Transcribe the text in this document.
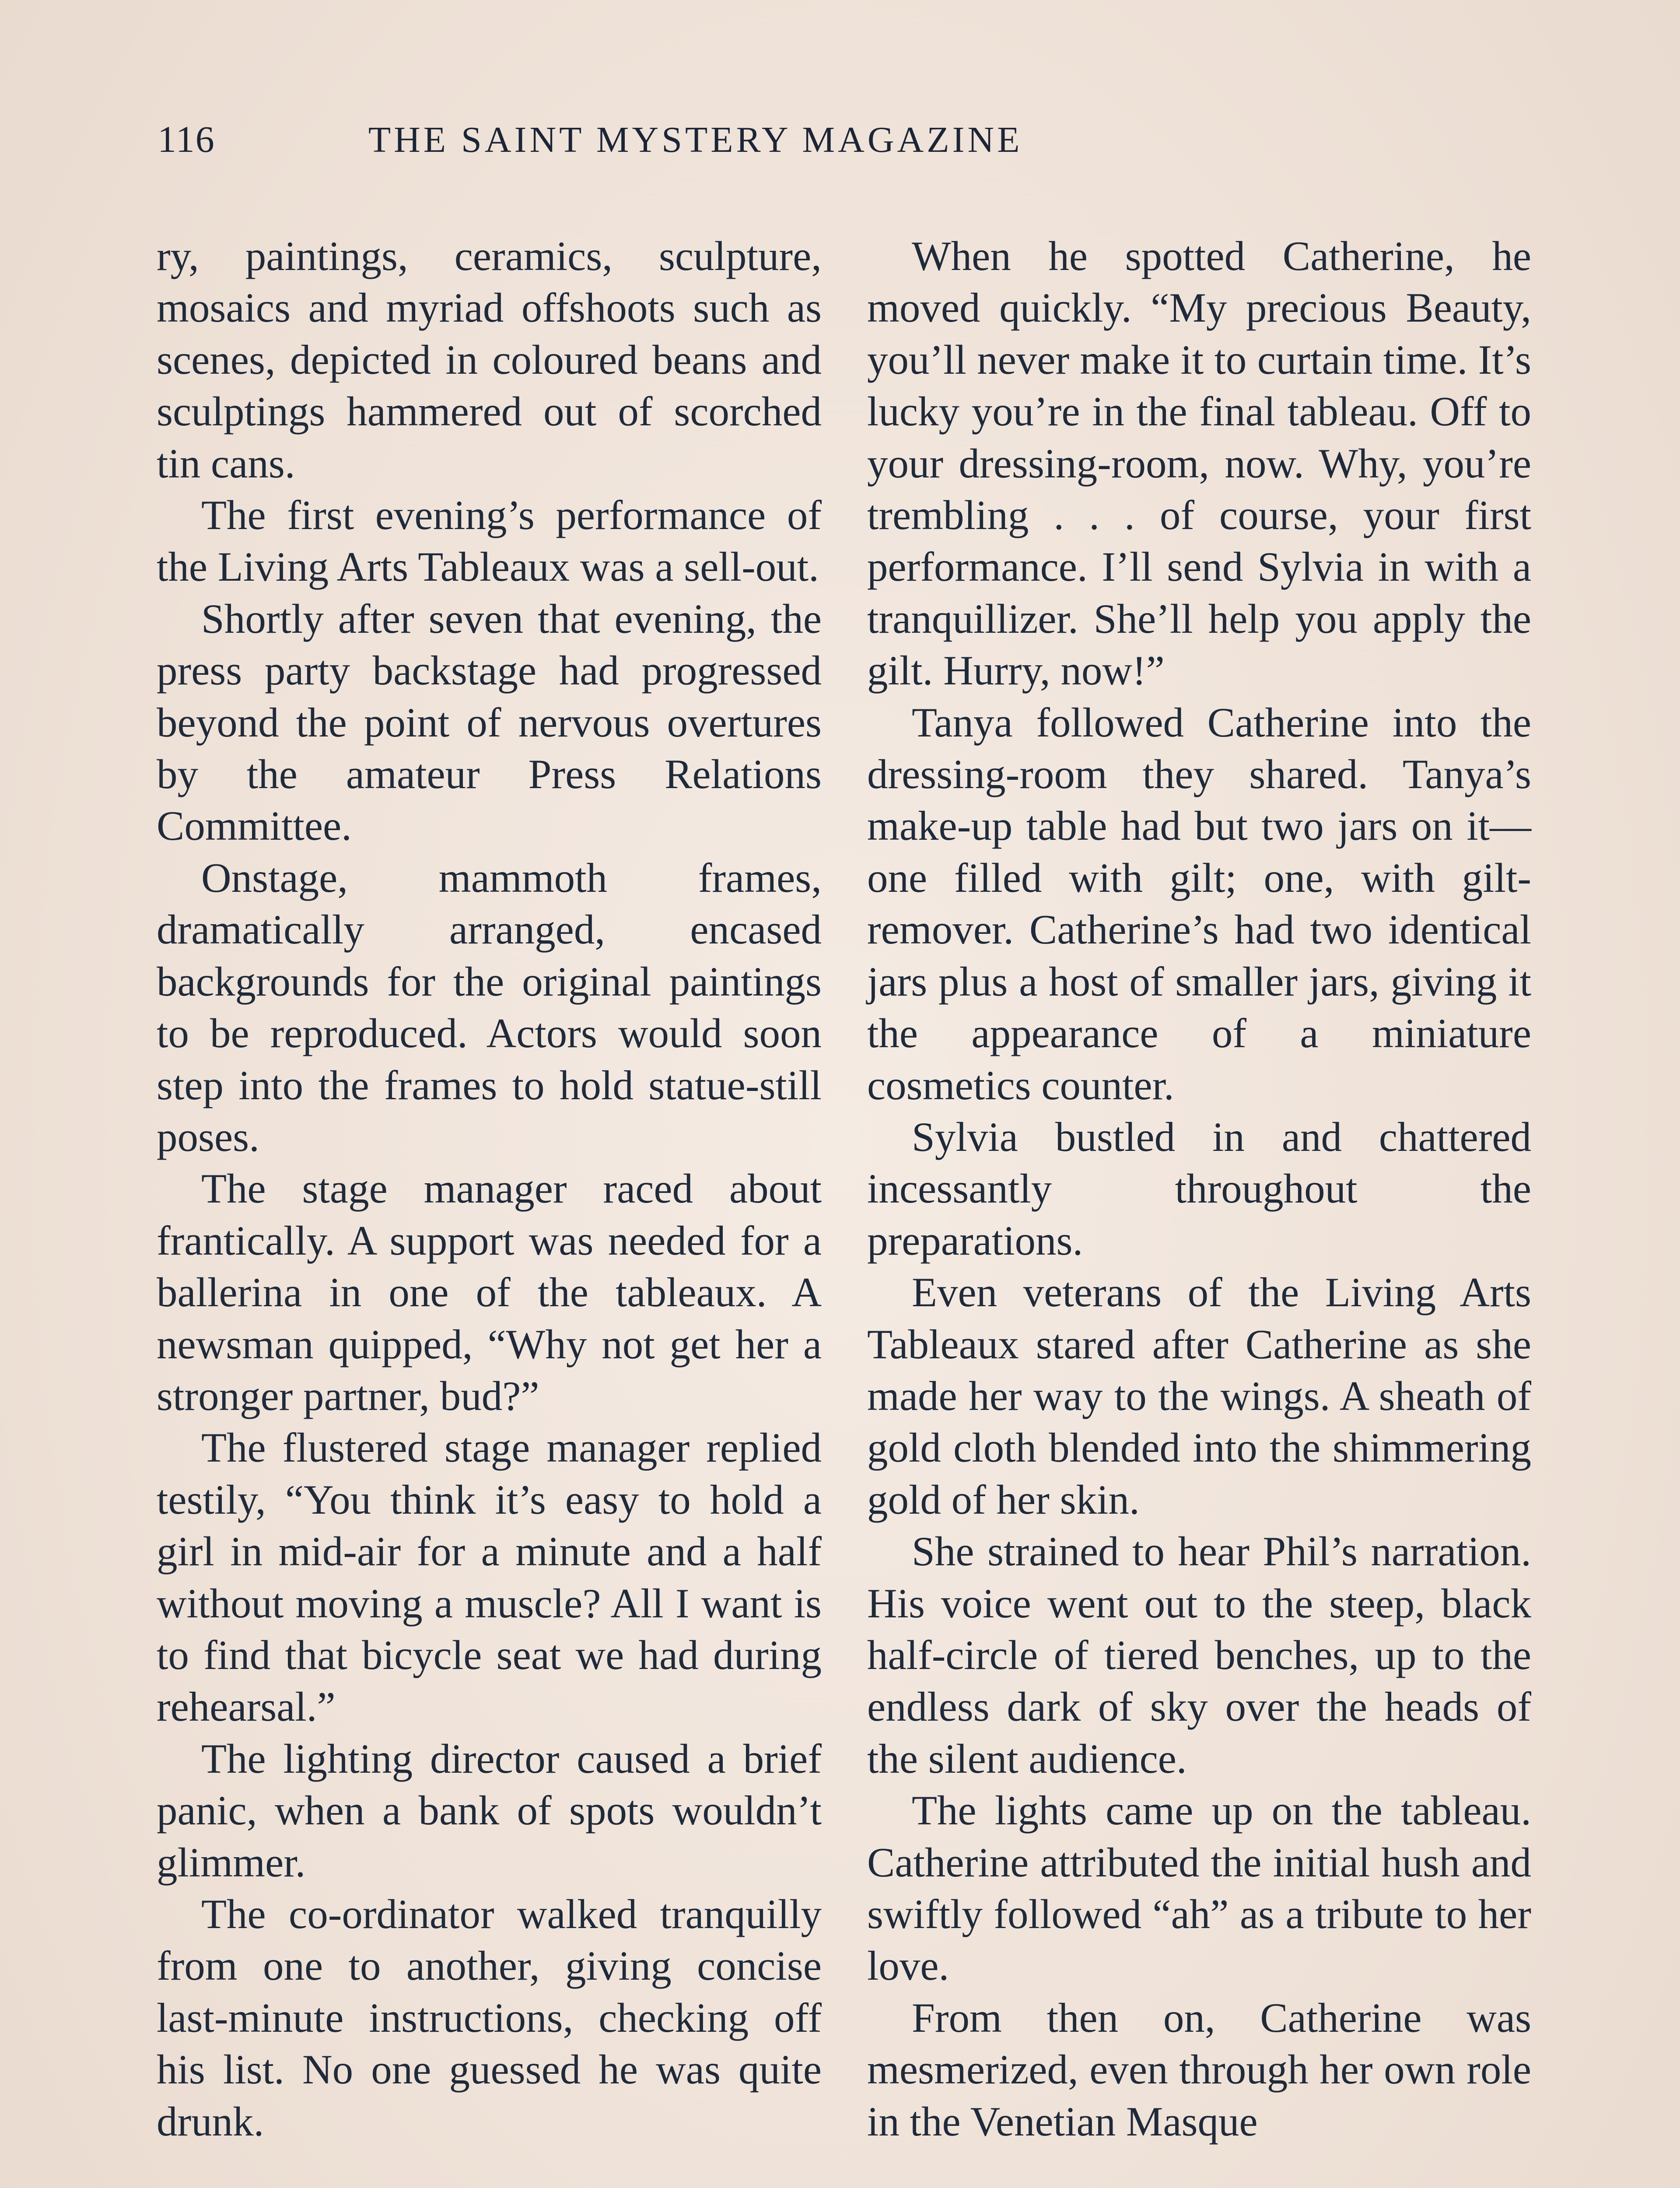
116	THE SAINT MYSTERY MAGAZINE

ry, paintings, ceramics, sculpture, mosaics and myriad offshoots such as scenes, depicted in coloured beans and sculptings hammered out of scorched tin cans.

The first evening’s performance of the Living Arts Tableaux was a sell-out.

Shortly after seven that evening, the press party backstage had progressed beyond the point of nervous overtures by the amateur Press Relations Committee.

Onstage, mammoth frames, dramatically arranged, encased backgrounds for the original paintings to be reproduced. Actors would soon step into the frames to hold statue-still poses.

The stage manager raced about frantically. A support was needed for a ballerina in one of the tableaux. A newsman quipped, “Why not get her a stronger partner, bud?”

The flustered stage manager replied testily, “You think it’s easy to hold a girl in mid-air for a minute and a half without moving a muscle? All I want is to find that bicycle seat we had during rehearsal.”

The lighting director caused a brief panic, when a bank of spots wouldn’t glimmer.

The co-ordinator walked tranquilly from one to another, giving concise last-minute instructions, checking off his list. No one guessed he was quite drunk.

When he spotted Catherine, he moved quickly. “My precious Beauty, you’ll never make it to curtain time. It’s lucky you’re in the final tableau. Off to your dressing-room, now. Why, you’re trembling . . . of course, your first performance. I’ll send Sylvia in with a tranquillizer. She’ll help you apply the gilt. Hurry, now!”

Tanya followed Catherine into the dressing-room they shared. Tanya’s make-up table had but two jars on it—one filled with gilt; one, with gilt-remover. Catherine’s had two identical jars plus a host of smaller jars, giving it the appearance of a miniature cosmetics counter.

Sylvia bustled in and chattered incessantly throughout the preparations.

Even veterans of the Living Arts Tableaux stared after Catherine as she made her way to the wings. A sheath of gold cloth blended into the shimmering gold of her skin.

She strained to hear Phil’s narration. His voice went out to the steep, black half-circle of tiered benches, up to the endless dark of sky over the heads of the silent audience.

The lights came up on the tableau. Catherine attributed the initial hush and swiftly followed “ah” as a tribute to her love.

From then on, Catherine was mesmerized, even through her own role in the Venetian Masque
